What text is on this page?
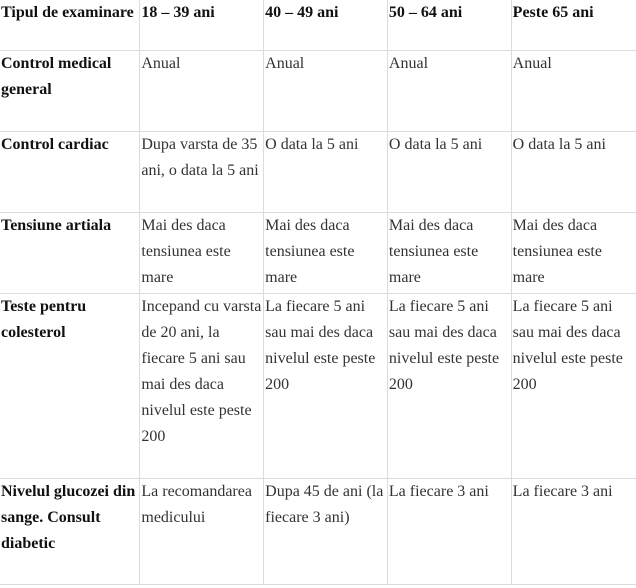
Tipul de examinare	18 – 39 ani	40 – 49 ani	50 – 64 ani	Peste 65 ani
Control medical general	Anual	Anual	Anual	Anual
Control cardiac	Dupa varsta de 35 ani, o data la 5 ani	O data la 5 ani	O data la 5 ani	O data la 5 ani
Tensiune artiala	Mai des daca tensiunea este mare	Mai des daca tensiunea este mare	Mai des daca tensiunea este mare	Mai des daca tensiunea este mare
Teste pentru colesterol	Incepand cu varsta de 20 ani, la fiecare 5 ani sau mai des daca nivelul este peste 200	La fiecare 5 ani sau mai des daca nivelul este peste 200	La fiecare 5 ani sau mai des daca nivelul este peste 200	La fiecare 5 ani sau mai des daca nivelul este peste 200
Nivelul glucozei din sange. Consult diabetic	La recomandarea medicului	Dupa 45 de ani (la fiecare 3 ani)	La fiecare 3 ani	La fiecare 3 ani
